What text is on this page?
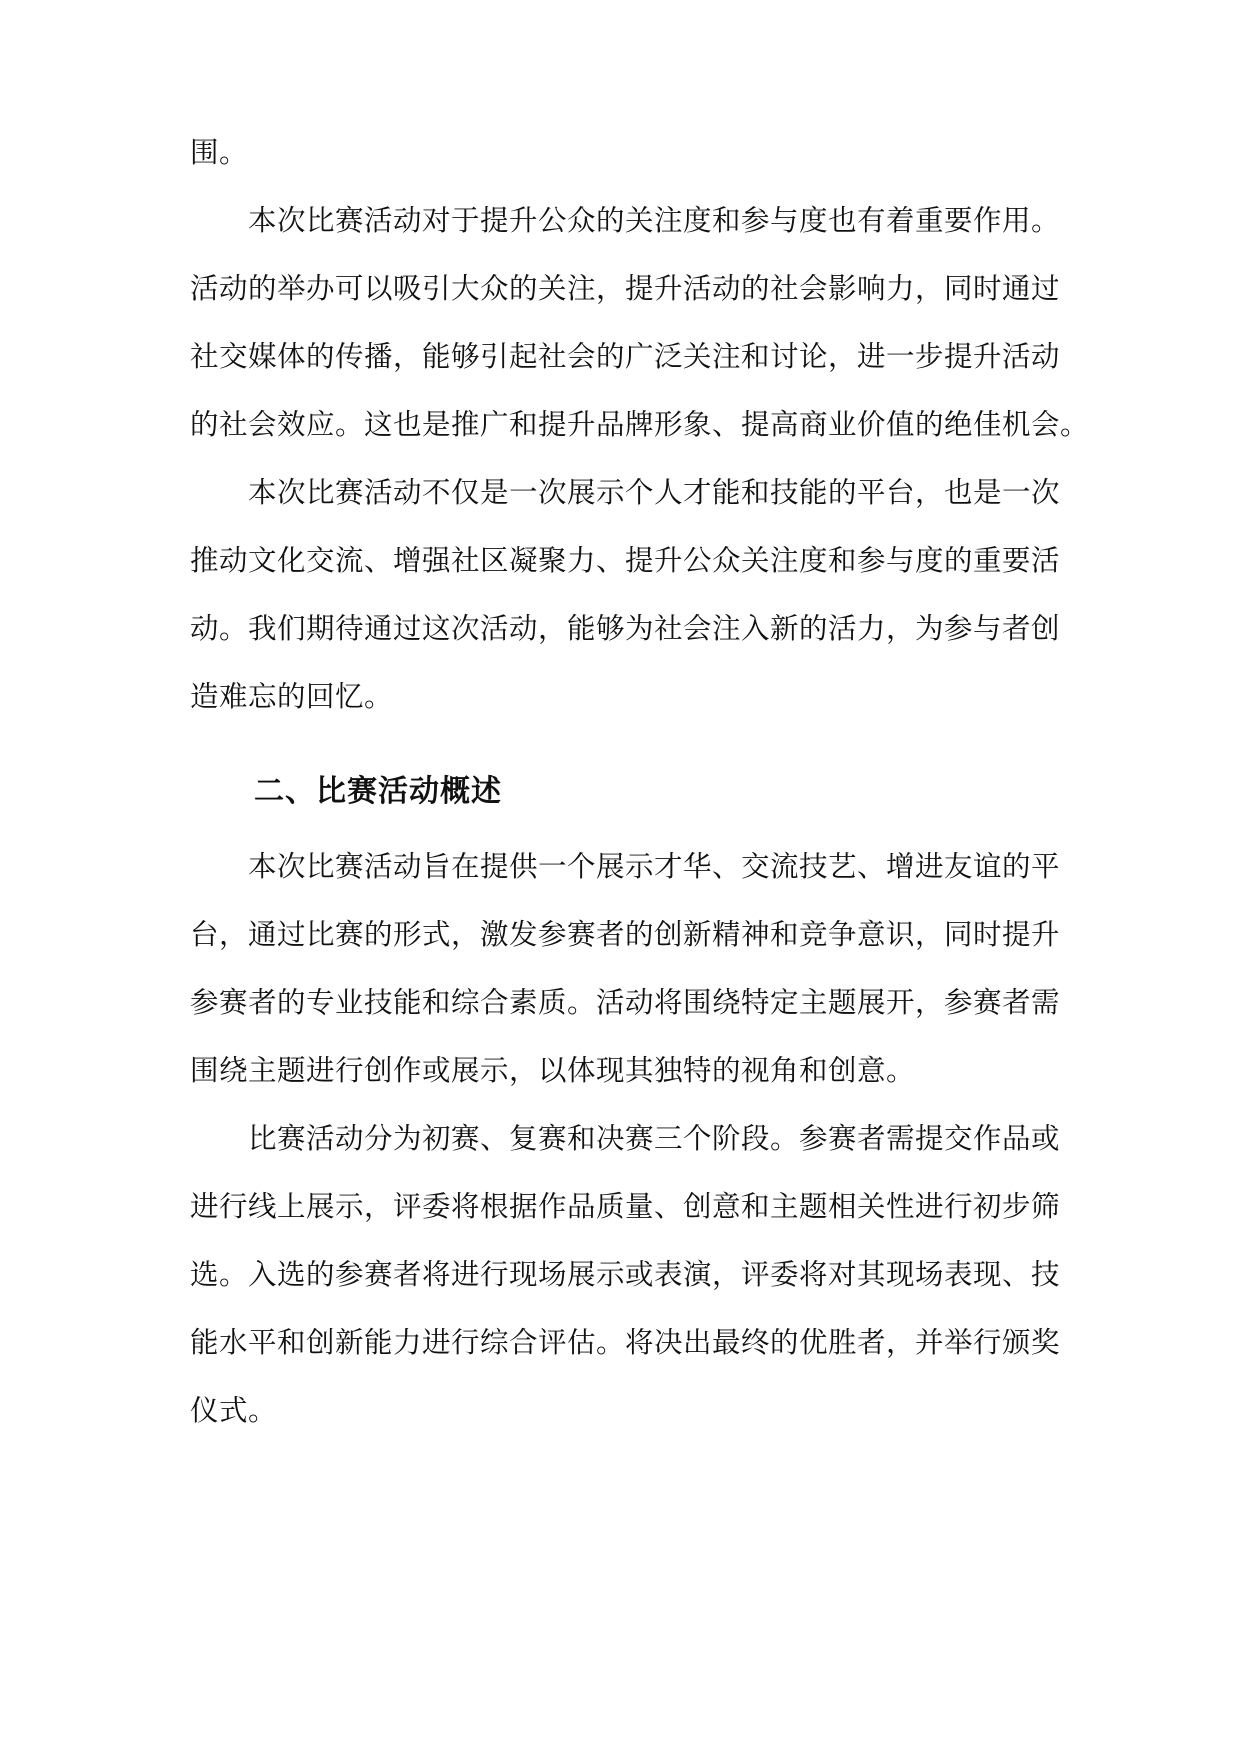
围。
本次比赛活动对于提升公众的关注度和参与度也有着重要作用。
活动的举办可以吸引大众的关注，提升活动的社会影响力，同时通过
社交媒体的传播，能够引起社会的广泛关注和讨论，进一步提升活动
的社会效应。这也是推广和提升品牌形象、提高商业价值的绝佳机会。
本次比赛活动不仅是一次展示个人才能和技能的平台，也是一次
推动文化交流、增强社区凝聚力、提升公众关注度和参与度的重要活
动。我们期待通过这次活动，能够为社会注入新的活力，为参与者创
造难忘的回忆。
二、比赛活动概述
本次比赛活动旨在提供一个展示才华、交流技艺、增进友谊的平
台，通过比赛的形式，激发参赛者的创新精神和竞争意识，同时提升
参赛者的专业技能和综合素质。活动将围绕特定主题展开，参赛者需
围绕主题进行创作或展示，以体现其独特的视角和创意。
比赛活动分为初赛、复赛和决赛三个阶段。参赛者需提交作品或
进行线上展示，评委将根据作品质量、创意和主题相关性进行初步筛
选。入选的参赛者将进行现场展示或表演，评委将对其现场表现、技
能水平和创新能力进行综合评估。将决出最终的优胜者，并举行颁奖
仪式。
